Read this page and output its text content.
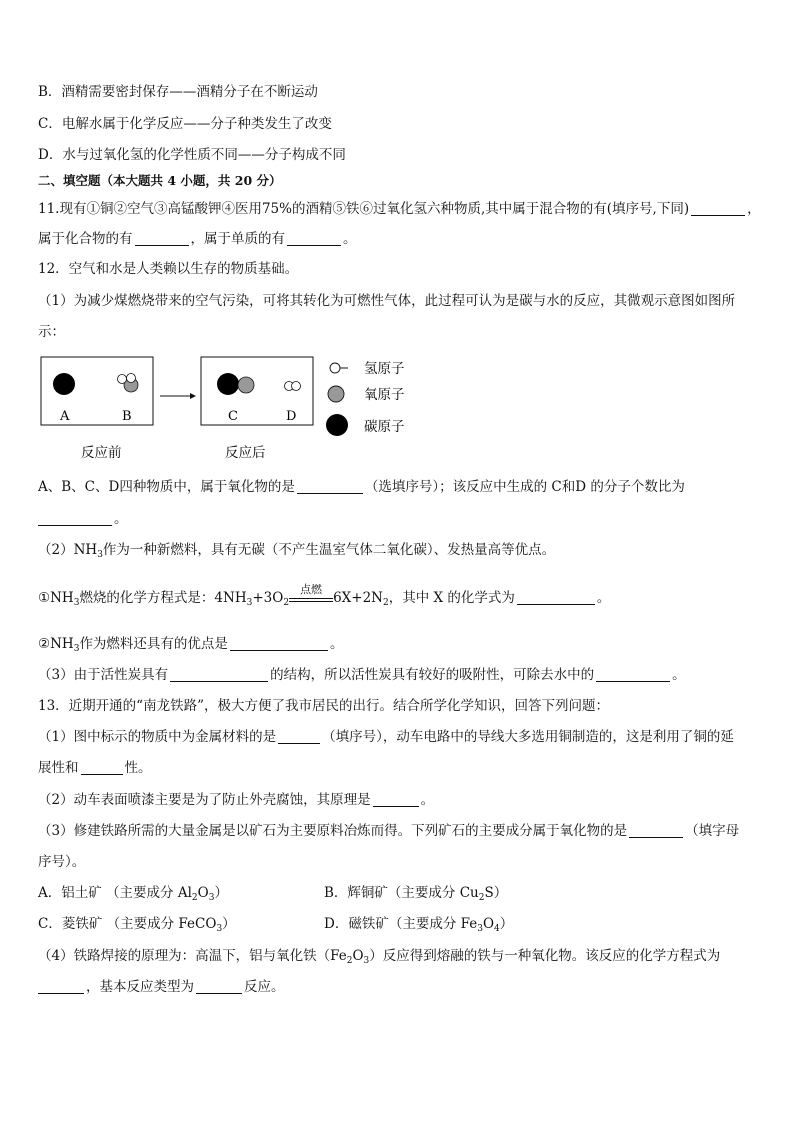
B．酒精需要密封保存——酒精分子在不断运动
C．电解水属于化学反应——分子种类发生了改变
D．水与过氧化氢的化学性质不同——分子构成不同
二、填空题（本大题共 4 小题，共 20 分）
11.现有①铜②空气③高锰酸钾④医用75%的酒精⑤铁⑥过氧化氢六种物质,其中属于混合物的有(填序号,下同)	，
属于化合物的有	，属于单质的有	。
12．空气和水是人类赖以生存的物质基础。
（1）为减少煤燃烧带来的空气污染，可将其转化为可燃性气体，此过程可认为是碳与水的反应，其微观示意图如图所
示：
A	B	C	D
反应前	反应后
氢原子
氧原子
碳原子
A、B、C、D四种物质中，属于氧化物的是	（选填序号）；该反应中生成的 C和D 的分子个数比为
。
$(2)NH_3$作为一种新燃料，具有无碳（不产生温室气体二氧化碳）、发热量高等优点。
$①NH_3$燃烧的化学方程式是：$4NH_3+3O_2$
点燃
$6X+2N_2$，其中 X 的化学式为	。
$②NH_3$作为燃料还具有的优点是	。
（3）由于活性炭具有	的结构，所以活性炭具有较好的吸附性，可除去水中的	。
13．近期开通的“南龙铁路”，极大方便了我市居民的出行。结合所学化学知识，回答下列问题：
（1）图中标示的物质中为金属材料的是	（填序号），动车电路中的导线大多选用铜制造的，这是利用了铜的延
展性和	性。
（2）动车表面喷漆主要是为了防止外壳腐蚀，其原理是	。
（3）修建铁路所需的大量金属是以矿石为主要原料冶炼而得。下列矿石的主要成分属于氧化物的是	（填字母
序号）。
A．铝土矿 （主要成分 $Al_2O_3$）	B．辉铜矿（主要成分 $Cu_2S$）
C．菱铁矿 （主要成分 FeCO$_3$）	D．磁铁矿（主要成分 $Fe_3O_4$）
（4）铁路焊接的原理为：高温下，铝与氧化铁$(Fe_2O_3)$反应得到熔融的铁与一种氧化物。该反应的化学方程式为
，基本反应类型为	反应。
